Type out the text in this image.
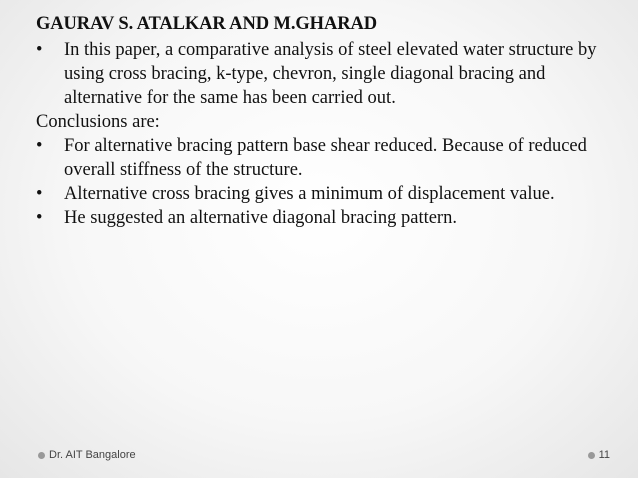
GAURAV S. ATALKAR AND M.GHARAD
•	In this paper, a comparative analysis of steel elevated water structure by using cross bracing, k-type, chevron, single diagonal bracing and alternative for the same has been carried out.
Conclusions are:
•	For alternative bracing pattern base shear reduced. Because of reduced overall stiffness of the structure.
•	Alternative cross bracing gives a minimum of displacement value.
•	He suggested an alternative diagonal bracing pattern.
Dr. AIT Bangalore	11
